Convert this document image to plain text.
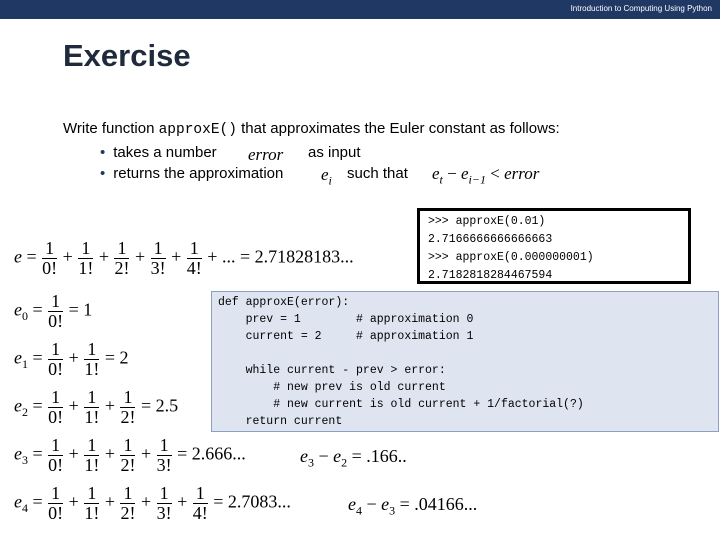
Introduction to Computing Using Python
Exercise
Write function approxE() that approximates the Euler constant as follows:
• takes a number error as input
• returns the approximation $e_i$ such that $e_t - e_{i-1}$ < error
$e = \frac{1}{0!} + \frac{1}{1!} + \frac{1}{2!} + \frac{1}{3!} + \frac{1}{4!}$ + ... = 2.71828183...
$e_0 = \frac{1}{0!} = 1$
$e_1 = \frac{1}{0!} + \frac{1}{1!} = 2$
$e_2 = \frac{1}{0!} + \frac{1}{1!} + \frac{1}{2!} = 2.5$
$e_3 = \frac{1}{0!} + \frac{1}{1!} + \frac{1}{2!} + \frac{1}{3!} = 2.666$...	$e_3 - e_2 = .166$..
$e_4 = \frac{1}{0!} + \frac{1}{1!} + \frac{1}{2!} + \frac{1}{3!} + \frac{1}{4!} = 2.7083$...	$e_4 - e_3 = .04166$...
>>> approxE(0.01)
2.7166666666666663
>>> approxE(0.000000001)
2.7182818284467594
def approxE(error):
prev = 1        # approximation 0
current = 2     # approximation 1
while current - prev > error:
# new prev is old current
# new current is old current + 1/factorial(?)
return current
